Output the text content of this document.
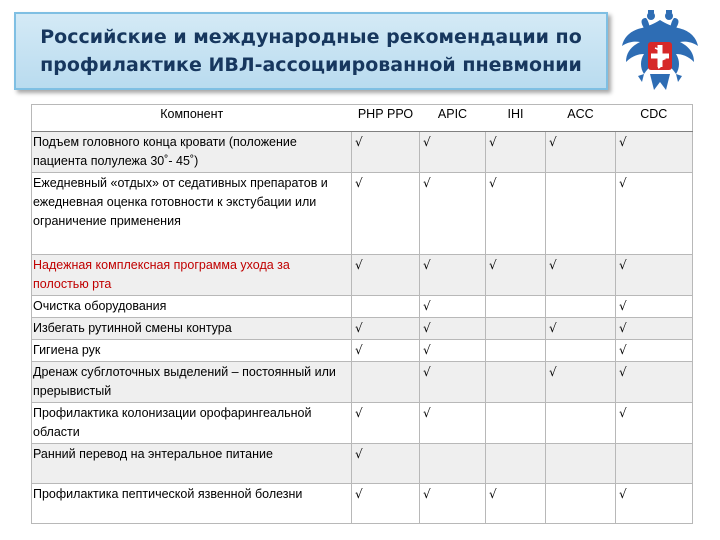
Российские и международные рекомендации по
профилактике ИВЛ-ассоциированной пневмонии
Компонент	РНР РРО	APIC	IHI	ACC	CDC
Подъем головного конца кровати (положение пациента полулежа 30˚- 45˚)	√	√	√	√	√
Ежедневный «отдых» от седативных препаратов и ежедневная оценка готовности к экстубации или ограничение применения	√	√	√		√
Надежная комплексная программа ухода за полостью рта	√	√	√	√	√
Очистка оборудования		√			√
Избегать рутинной смены контура	√	√		√	√
Гигиена рук	√	√			√
Дренаж субглоточных выделений – постоянный или прерывистый		√		√	√
Профилактика колонизации орофарингеальной области	√	√			√
Ранний перевод на энтеральное питание	√				
Профилактика пептической язвенной болезни	√	√	√		√
